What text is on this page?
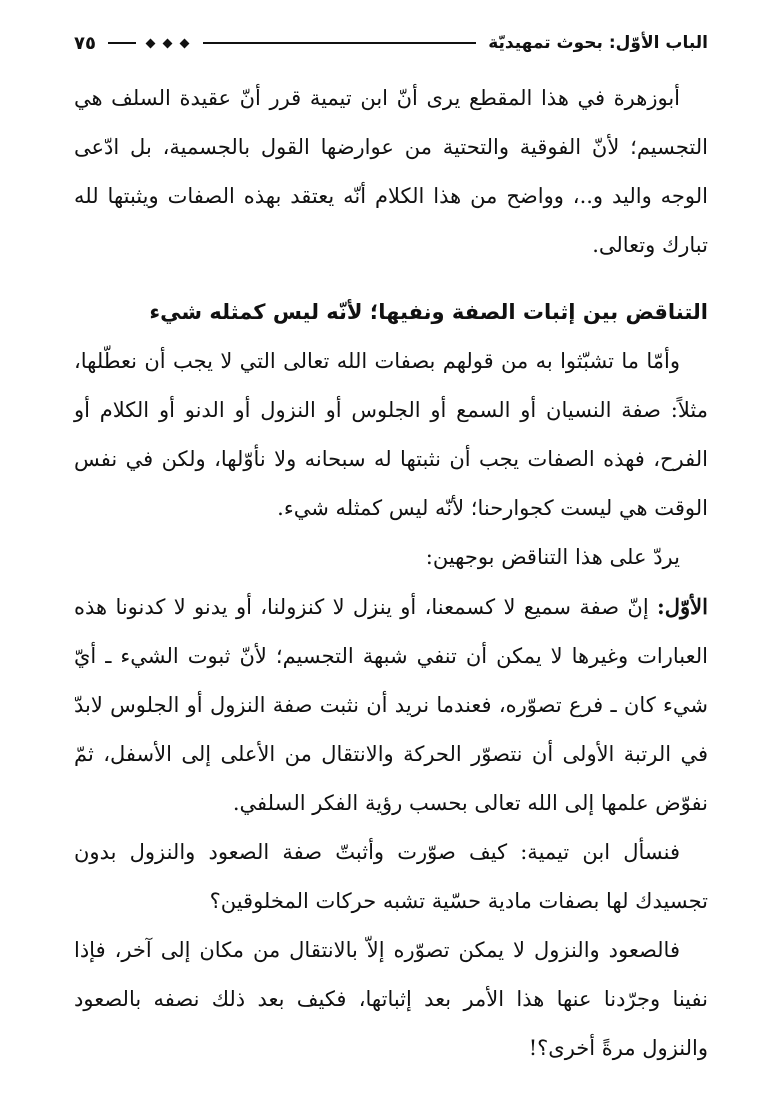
الباب الأوّل: بحوث تمهيديّة
٧٥

أبوزهرة في هذا المقطع يرى أنّ ابن تيمية قرر أنّ عقيدة السلف هي التجسيم؛ لأنّ الفوقية والتحتية من عوارضها القول بالجسمية، بل ادّعى الوجه واليد و..، وواضح من هذا الكلام أنّه يعتقد بهذه الصفات ويثبتها لله تبارك وتعالى.

التناقض بين إثبات الصفة ونفيها؛ لأنّه ليس كمثله شيء

وأمّا ما تشبّثوا به من قولهم بصفات الله تعالى التي لا يجب أن نعطّلها، مثلاً: صفة النسيان أو السمع أو الجلوس أو النزول أو الدنو أو الكلام أو الفرح، فهذه الصفات يجب أن نثبتها له سبحانه ولا نأوّلها، ولكن في نفس الوقت هي ليست كجوارحنا؛ لأنّه ليس كمثله شيء.

يردّ على هذا التناقض بوجهين:

الأوّل: إنّ صفة سميع لا كسمعنا، أو ينزل لا كنزولنا، أو يدنو لا كدنونا هذه العبارات وغيرها لا يمكن أن تنفي شبهة التجسيم؛ لأنّ ثبوت الشيء ـ أيّ شيء كان ـ فرع تصوّره، فعندما نريد أن نثبت صفة النزول أو الجلوس لابدّ في الرتبة الأولى أن نتصوّر الحركة والانتقال من الأعلى إلى الأسفل، ثمّ نفوّض علمها إلى الله تعالى بحسب رؤية الفكر السلفي.

فنسأل ابن تيمية: كيف صوّرت وأثبتّ صفة الصعود والنزول بدون تجسيدك لها بصفات مادية حسّية تشبه حركات المخلوقين؟

فالصعود والنزول لا يمكن تصوّره إلاّ بالانتقال من مكان إلى آخر، فإذا نفينا وجرّدنا عنها هذا الأمر بعد إثباتها، فكيف بعد ذلك نصفه بالصعود والنزول مرةً أخرى؟!
